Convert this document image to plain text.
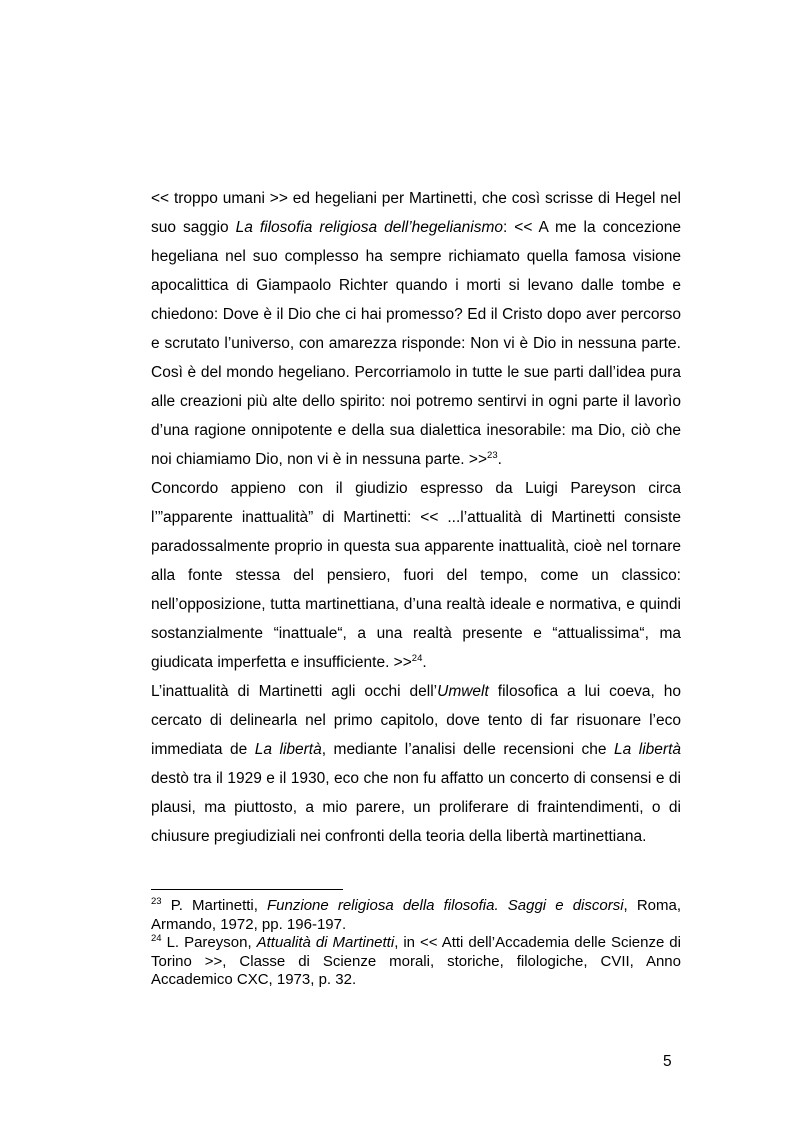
<< troppo umani >> ed hegeliani per Martinetti, che così scrisse di Hegel nel suo saggio La filosofia religiosa dell’hegelianismo: << A me la concezione hegeliana nel suo complesso ha sempre richiamato quella famosa visione apocalittica di Giampaolo Richter quando i morti si levano dalle tombe e chiedono: Dove è il Dio che ci hai promesso? Ed il Cristo dopo aver percorso e scrutato l’universo, con amarezza risponde: Non vi è Dio in nessuna parte. Così è del mondo hegeliano. Percorriamolo in tutte le sue parti dall’idea pura alle creazioni più alte dello spirito: noi potremo sentirvi in ogni parte il lavorìo d’una ragione onnipotente e della sua dialettica inesorabile: ma Dio, ciò che noi chiamiamo Dio, non vi è in nessuna parte. >>$^{23}$.

Concordo appieno con il giudizio espresso da Luigi Pareyson circa l’”apparente inattualità” di Martinetti: << ...l’attualità di Martinetti consiste paradossalmente proprio in questa sua apparente inattualità, cioè nel tornare alla fonte stessa del pensiero, fuori del tempo, come un classico: nell’opposizione, tutta martinettiana, d’una realtà ideale e normativa, e quindi sostanzialmente “inattuale“, a una realtà presente e “attualissima“, ma giudicata imperfetta e insufficiente. >>$^{24}$.

L’inattualità di Martinetti agli occhi dell’Umwelt filosofica a lui coeva, ho cercato di delinearla nel primo capitolo, dove tento di far risuonare l’eco immediata de La libertà, mediante l’analisi delle recensioni che La libertà destò tra il 1929 e il 1930, eco che non fu affatto un concerto di consensi e di plausi, ma piuttosto, a mio parere, un proliferare di fraintendimenti, o di chiusure pregiudiziali nei confronti della teoria della libertà martinettiana.

$^{23}$ P. Martinetti, Funzione religiosa della filosofia. Saggi e discorsi, Roma, Armando, 1972, pp. 196-197.

$^{24}$ L. Pareyson, Attualità di Martinetti, in << Atti dell’Accademia delle Scienze di Torino >>, Classe di Scienze morali, storiche, filologiche, CVII, Anno Accademico CXC, 1973, p. 32.

5
